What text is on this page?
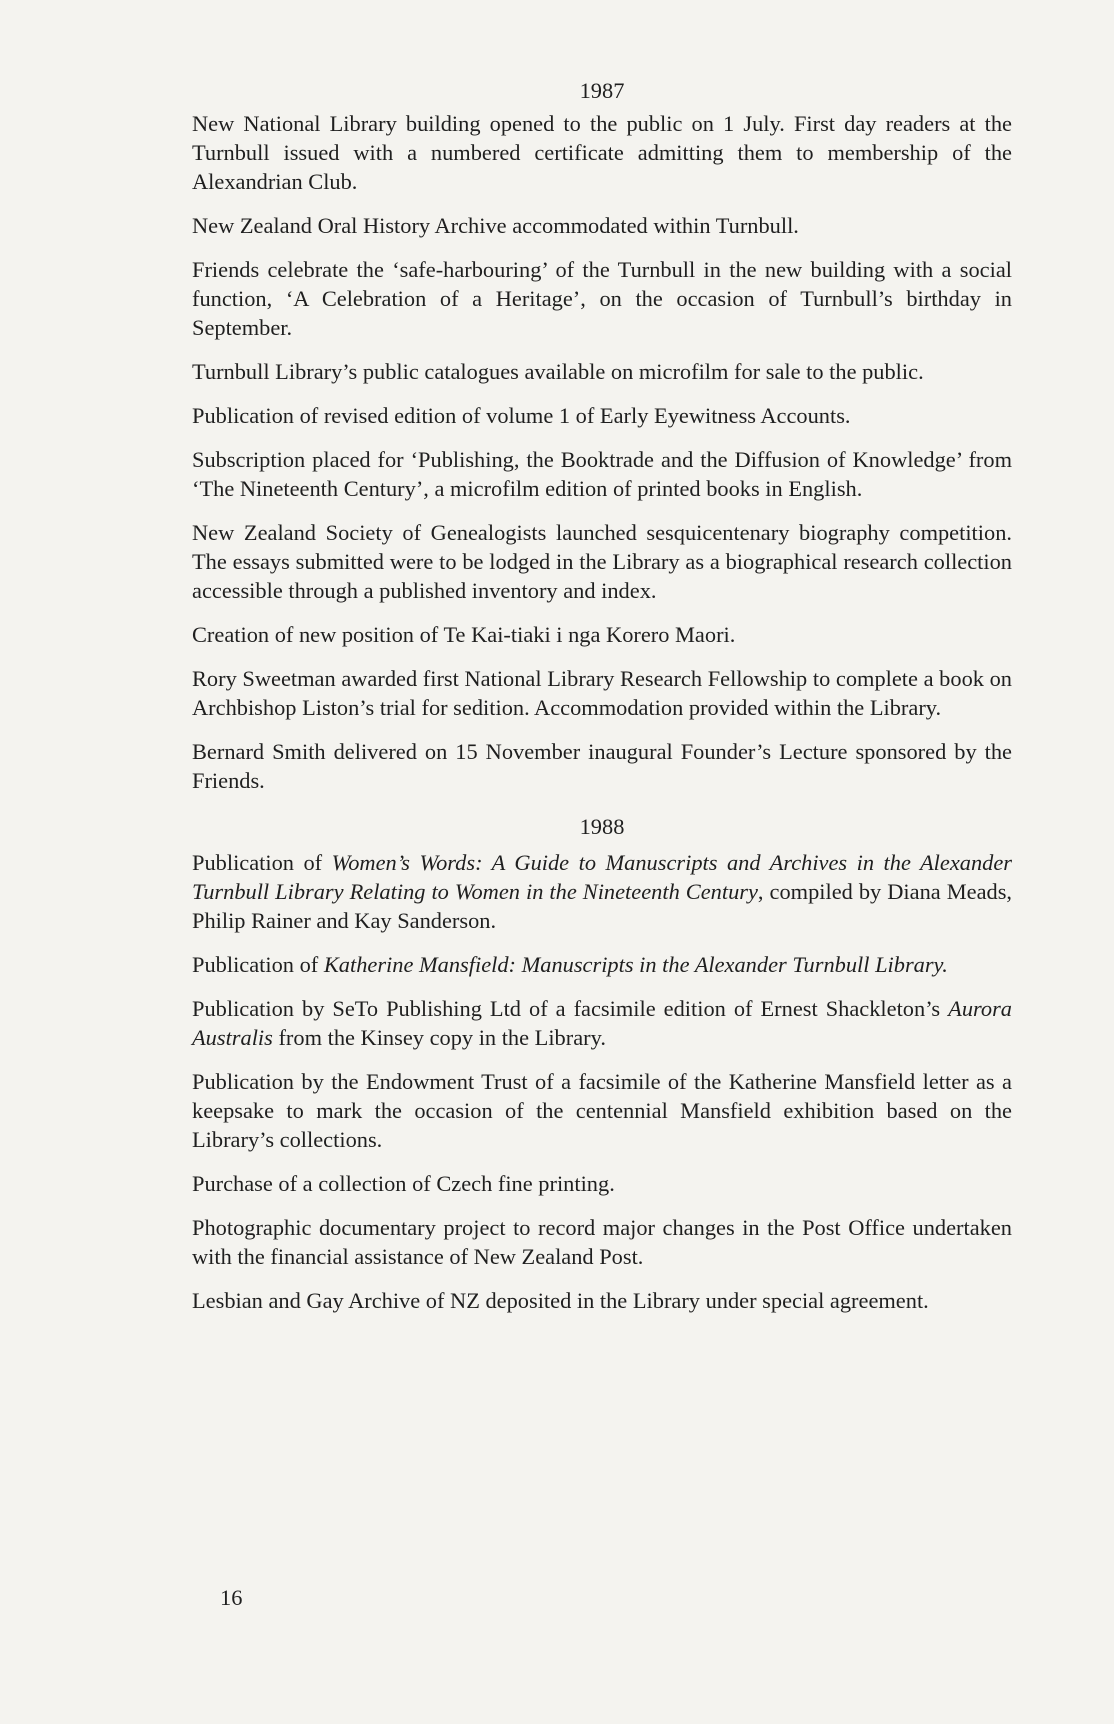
1987

New National Library building opened to the public on 1 July. First day readers at the Turnbull issued with a numbered certificate admitting them to membership of the Alexandrian Club.

New Zealand Oral History Archive accommodated within Turnbull.

Friends celebrate the ‘safe-harbouring’ of the Turnbull in the new building with a social function, ‘A Celebration of a Heritage’, on the occasion of Turnbull’s birthday in September.

Turnbull Library’s public catalogues available on microfilm for sale to the public.

Publication of revised edition of volume 1 of Early Eyewitness Accounts.

Subscription placed for ‘Publishing, the Booktrade and the Diffusion of Knowledge’ from ‘The Nineteenth Century’, a microfilm edition of printed books in English.

New Zealand Society of Genealogists launched sesquicentenary biography competition. The essays submitted were to be lodged in the Library as a biographical research collection accessible through a published inventory and index.

Creation of new position of Te Kai-tiaki i nga Korero Maori.

Rory Sweetman awarded first National Library Research Fellowship to complete a book on Archbishop Liston’s trial for sedition. Accommodation provided within the Library.

Bernard Smith delivered on 15 November inaugural Founder’s Lecture sponsored by the Friends.

1988

Publication of Women’s Words: A Guide to Manuscripts and Archives in the Alexander Turnbull Library Relating to Women in the Nineteenth Century, compiled by Diana Meads, Philip Rainer and Kay Sanderson.

Publication of Katherine Mansfield: Manuscripts in the Alexander Turnbull Library.

Publication by SeTo Publishing Ltd of a facsimile edition of Ernest Shackleton’s Aurora Australis from the Kinsey copy in the Library.

Publication by the Endowment Trust of a facsimile of the Katherine Mansfield letter as a keepsake to mark the occasion of the centennial Mansfield exhibition based on the Library’s collections.

Purchase of a collection of Czech fine printing.

Photographic documentary project to record major changes in the Post Office undertaken with the financial assistance of New Zealand Post.

Lesbian and Gay Archive of NZ deposited in the Library under special agreement.

16
